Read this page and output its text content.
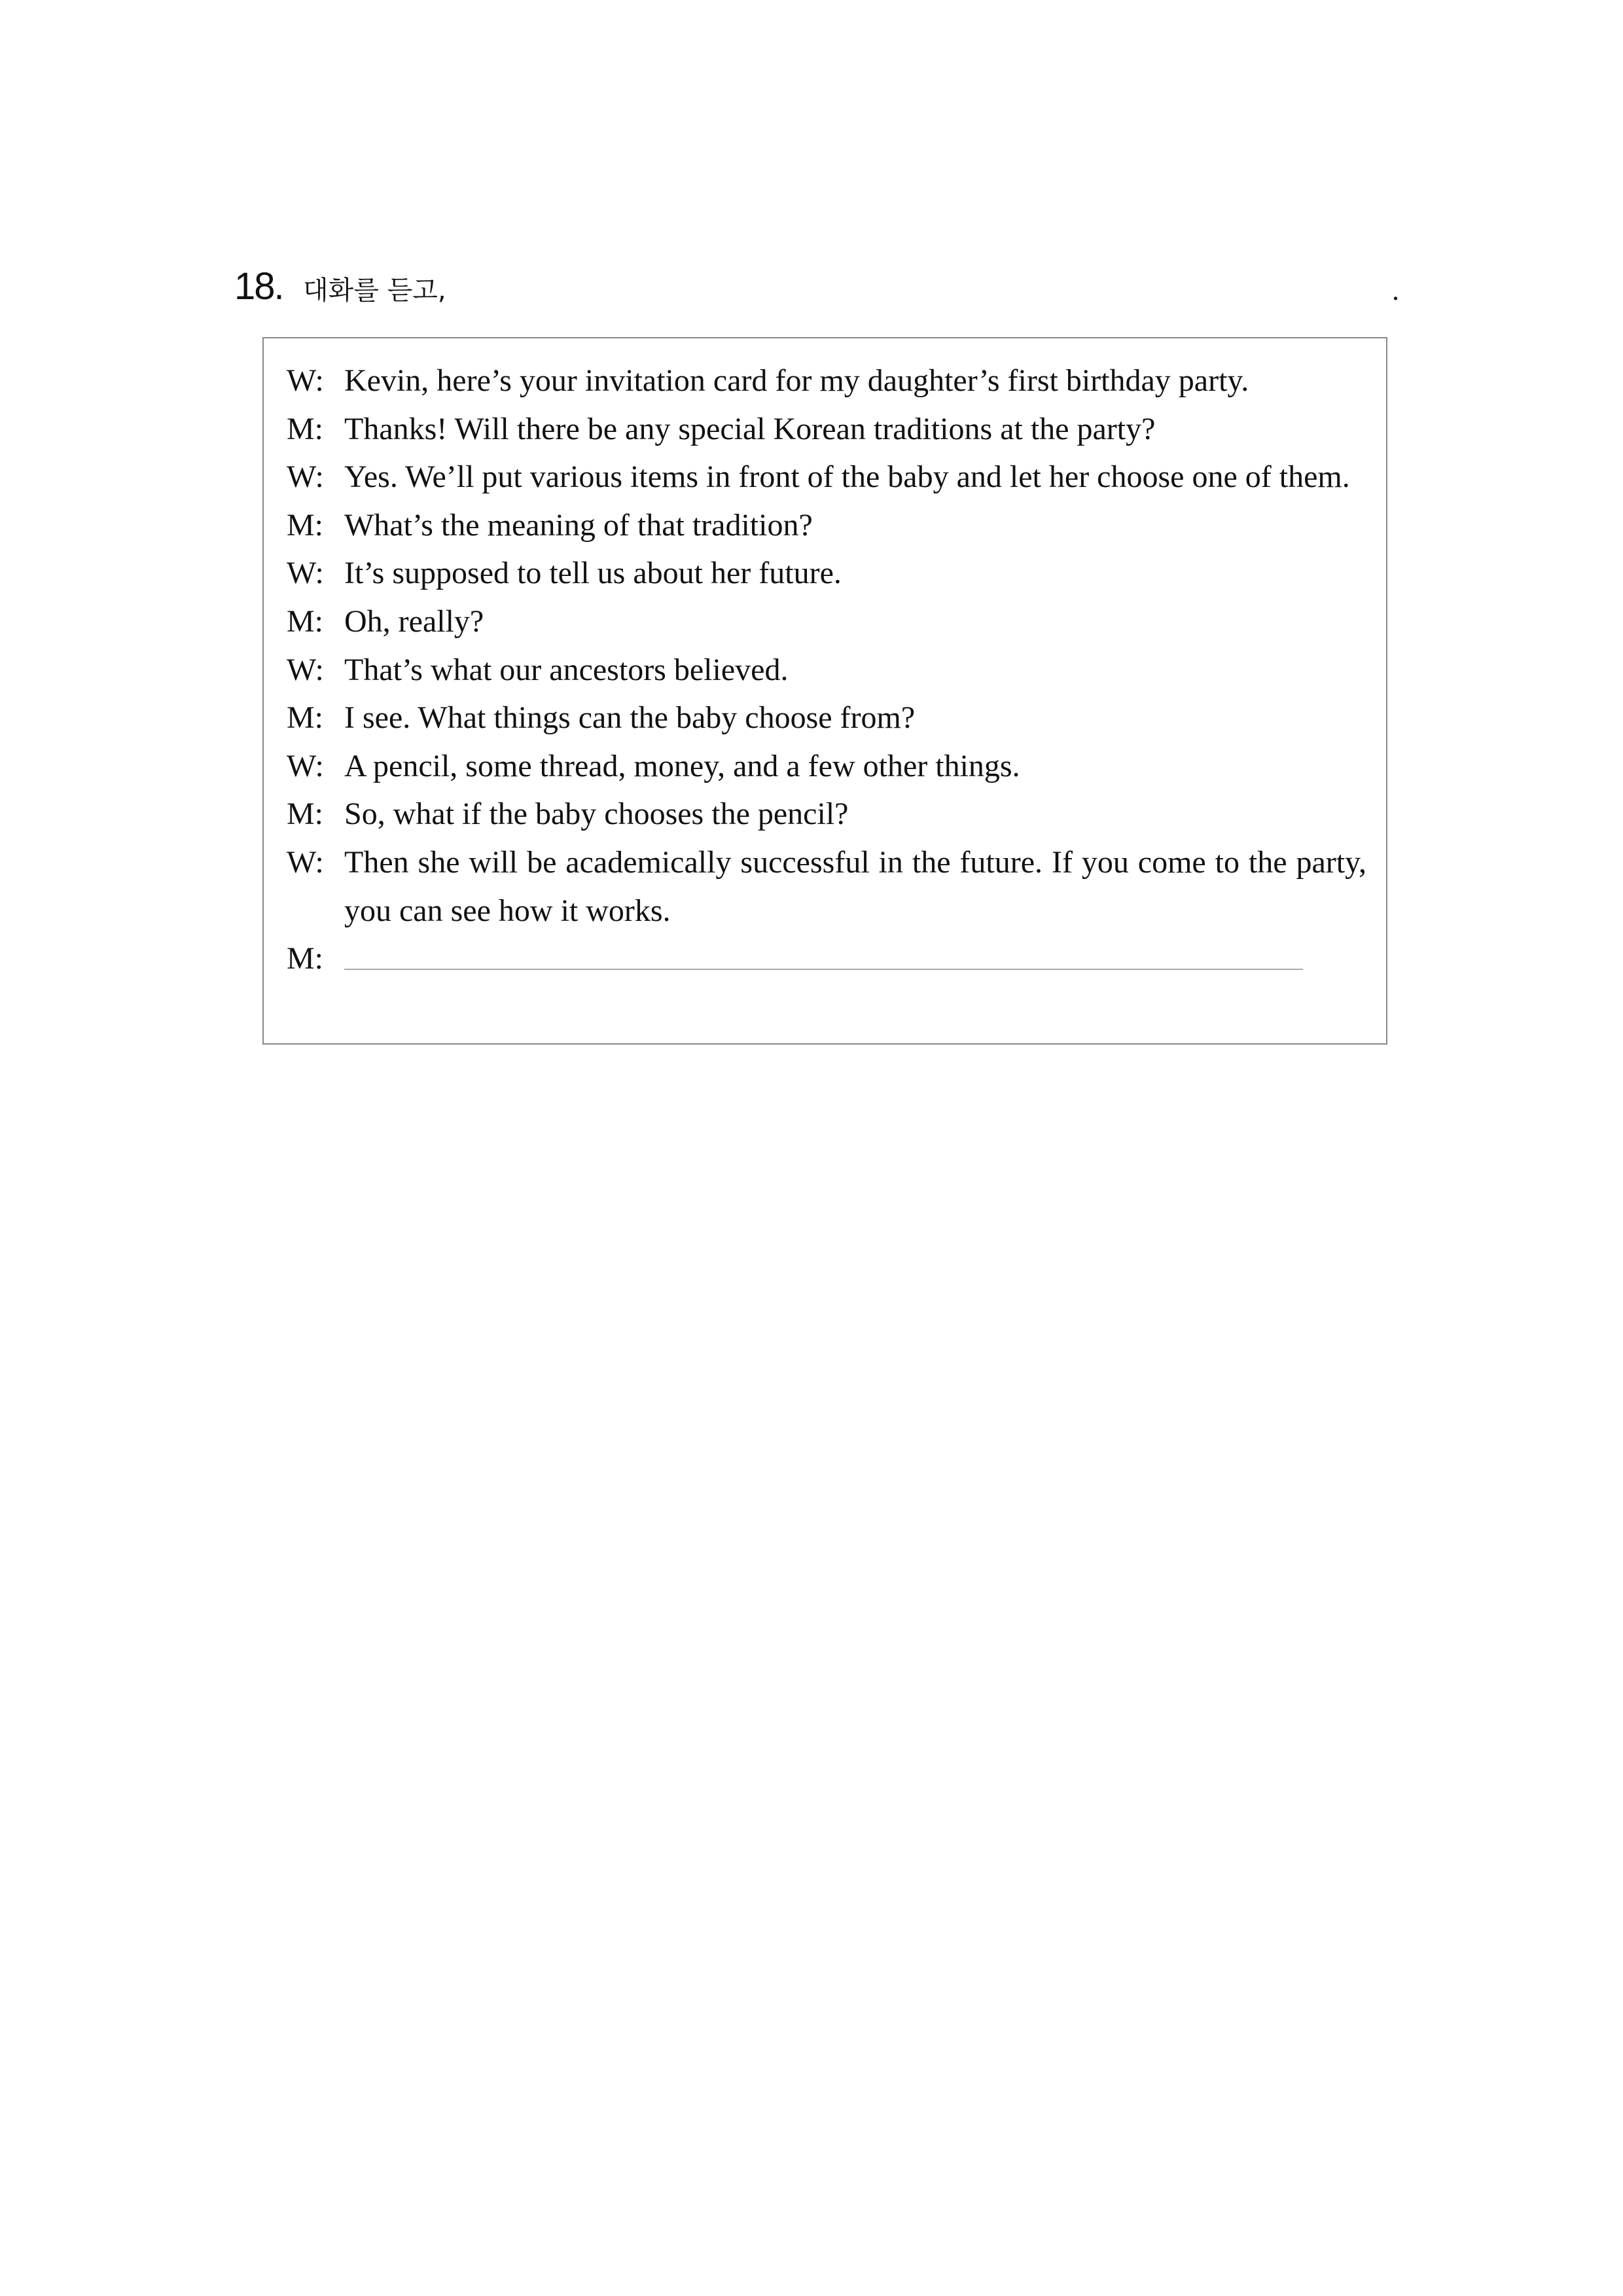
18. 대화를 듣고,	.
W: Kevin, here’s your invitation card for my daughter’s first birthday party.
M: Thanks! Will there be any special Korean traditions at the party?
W: Yes. We’ll put various items in front of the baby and let her choose one of them.
M: What’s the meaning of that tradition?
W: It’s supposed to tell us about her future.
M: Oh, really?
W: That’s what our ancestors believed.
M: I see. What things can the baby choose from?
W: A pencil, some thread, money, and a few other things.
M: So, what if the baby chooses the pencil?
W: Then she will be academically successful in the future. If you come to the party, you can see how it works.
M:
